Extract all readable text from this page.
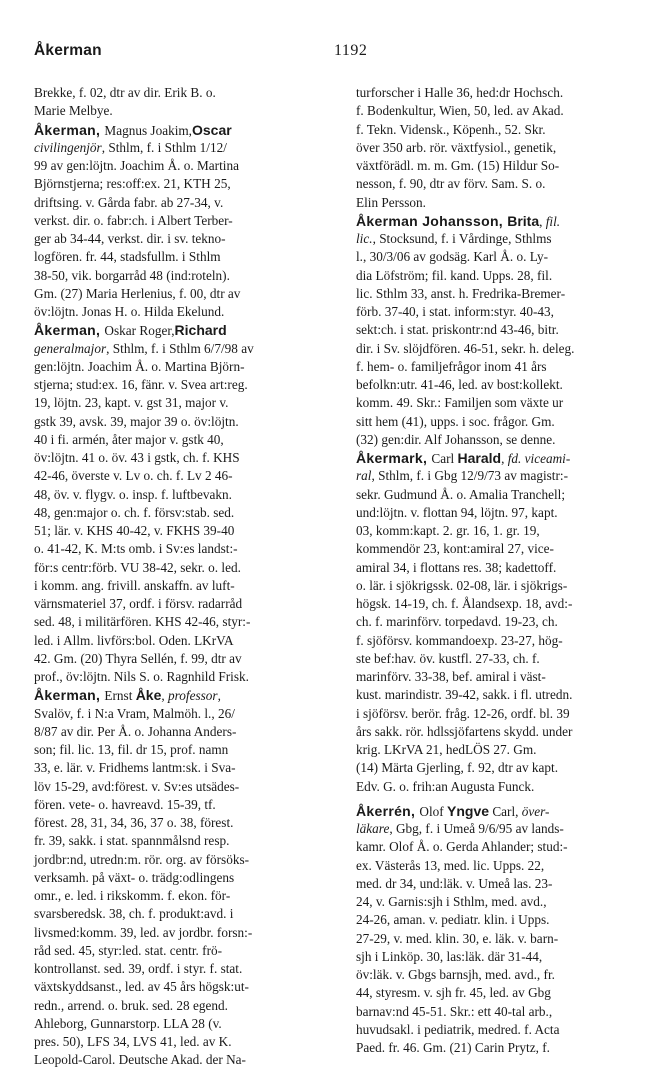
Åkerman	1192
Brekke, f. 02, dtr av dir. Erik B. o.
Marie Melbye.
Åkerman, Magnus Joakim,Oscar
civilingenjör, Sthlm, f. i Sthlm 1/12/
99 av gen:löjtn. Joachim Å. o. Martina
Björnstjerna; res:off:ex. 21, KTH 25,
driftsing. v. Gårda fabr. ab 27-34, v.
verkst. dir. o. fabr:ch. i Albert Terber-
ger ab 34-44, verkst. dir. i sv. tekno-
logfören. fr. 44, stadsfullm. i Sthlm
38-50, vik. borgarråd 48 (ind:roteln).
Gm. (27) Maria Herlenius, f. 00, dtr av
öv:löjtn. Jonas H. o. Hilda Ekelund.
Åkerman, Oskar Roger,Richard
generalmajor, Sthlm, f. i Sthlm 6/7/98 av
gen:löjtn. Joachim Å. o. Martina Björn-
stjerna; stud:ex. 16, fänr. v. Svea art:reg.
19, löjtn. 23, kapt. v. gst 31, major v.
gstk 39, avsk. 39, major 39 o. öv:löjtn.
40 i fi. armén, åter major v. gstk 40,
öv:löjtn. 41 o. öv. 43 i gstk, ch. f. KHS
42-46, överste v. Lv o. ch. f. Lv 2 46-
48, öv. v. flygv. o. insp. f. luftbevakn.
48, gen:major o. ch. f. försv:stab. sed.
51; lär. v. KHS 40-42, v. FKHS 39-40
o. 41-42, K. M:ts omb. i Sv:es landst:-
för:s centr:förb. VU 38-42, sekr. o. led.
i komm. ang. frivill. anskaffn. av luft-
värnsmateriel 37, ordf. i försv. radarråd
sed. 48, i militärfören. KHS 42-46, styr:-
led. i Allm. livförs:bol. Oden. LKrVA
42. Gm. (20) Thyra Sellén, f. 99, dtr av
prof., öv:löjtn. Nils S. o. Ragnhild Frisk.
Åkerman, Ernst Åke, professor,
Svalöv, f. i N:a Vram, Malmöh. l., 26/
8/87 av dir. Per Å. o. Johanna Anders-
son; fil. lic. 13, fil. dr 15, prof. namn
33, e. lär. v. Fridhems lantm:sk. i Sva-
löv 15-29, avd:förest. v. Sv:es utsädes-
fören. vete- o. havreavd. 15-39, tf.
förest. 28, 31, 34, 36, 37 o. 38, förest.
fr. 39, sakk. i stat. spannmålsnd resp.
jordbr:nd, utredn:m. rör. org. av försöks-
verksamh. på växt- o. trädg:odlingens
omr., e. led. i rikskomm. f. ekon. för-
svarsberedsk. 38, ch. f. produkt:avd. i
livsmed:komm. 39, led. av jordbr. forsn:-
råd sed. 45, styr:led. stat. centr. frö-
kontrollanst. sed. 39, ordf. i styr. f. stat.
växtskyddsanst., led. av 45 års högsk:ut-
redn., arrend. o. bruk. sed. 28 egend.
Ahleborg, Gunnarstorp. LLA 28 (v.
pres. 50), LFS 34, LVS 41, led. av K.
Leopold-Carol. Deutsche Akad. der Na-
turforscher i Halle 36, hed:dr Hochsch.
f. Bodenkultur, Wien, 50, led. av Akad.
f. Tekn. Vidensk., Köpenh., 52. Skr.
över 350 arb. rör. växtfysiol., genetik,
växtförädl. m. m. Gm. (15) Hildur So-
nesson, f. 90, dtr av förv. Sam. S. o.
Elin Persson.
Åkerman Johansson, Brita, fil.
lic., Stocksund, f. i Vårdinge, Sthlms
l., 30/3/06 av godsäg. Karl Å. o. Ly-
dia Löfström; fil. kand. Upps. 28, fil.
lic. Sthlm 33, anst. h. Fredrika-Bremer-
förb. 37-40, i stat. inform:styr. 40-43,
sekt:ch. i stat. priskontr:nd 43-46, bitr.
dir. i Sv. slöjdfören. 46-51, sekr. h. deleg.
f. hem- o. familjefrågor inom 41 års
befolkn:utr. 41-46, led. av bost:kollekt.
komm. 49. Skr.: Familjen som växte ur
sitt hem (41), upps. i soc. frågor. Gm.
(32) gen:dir. Alf Johansson, se denne.
Åkermark, Carl Harald, fd. viceami-
ral, Sthlm, f. i Gbg 12/9/73 av magistr:-
sekr. Gudmund Å. o. Amalia Tranchell;
und:löjtn. v. flottan 94, löjtn. 97, kapt.
03, komm:kapt. 2. gr. 16, 1. gr. 19,
kommendör 23, kont:amiral 27, vice-
amiral 34, i flottans res. 38; kadettoff.
o. lär. i sjökrigssk. 02-08, lär. i sjökrigs-
högsk. 14-19, ch. f. Ålandsexp. 18, avd:-
ch. f. marinförv. torpedavd. 19-23, ch.
f. sjöförsv. kommandoexp. 23-27, hög-
ste bef:hav. öv. kustfl. 27-33, ch. f.
marinförv. 33-38, bef. amiral i väst-
kust. marindistr. 39-42, sakk. i fl. utredn.
i sjöförsv. berör. fråg. 12-26, ordf. bl. 39
års sakk. rör. hdlssjöfartens skydd. under
krig. LKrVA 21, hedLÖS 27. Gm.
(14) Märta Gjerling, f. 92, dtr av kapt.
Edv. G. o. frih:an Augusta Funck.
Åkerrén, Olof Yngve Carl, över-
läkare, Gbg, f. i Umeå 9/6/95 av lands-
kamr. Olof Å. o. Gerda Ahlander; stud:-
ex. Västerås 13, med. lic. Upps. 22,
med. dr 34, und:läk. v. Umeå las. 23-
24, v. Garnis:sjh i Sthlm, med. avd.,
24-26, aman. v. pediatr. klin. i Upps.
27-29, v. med. klin. 30, e. läk. v. barn-
sjh i Linköp. 30, las:läk. där 31-44,
öv:läk. v. Gbgs barnsjh, med. avd., fr.
44, styresm. v. sjh fr. 45, led. av Gbg
barnav:nd 45-51. Skr.: ett 40-tal arb.,
huvudsakl. i pediatrik, medred. f. Acta
Paed. fr. 46. Gm. (21) Carin Prytz, f.
